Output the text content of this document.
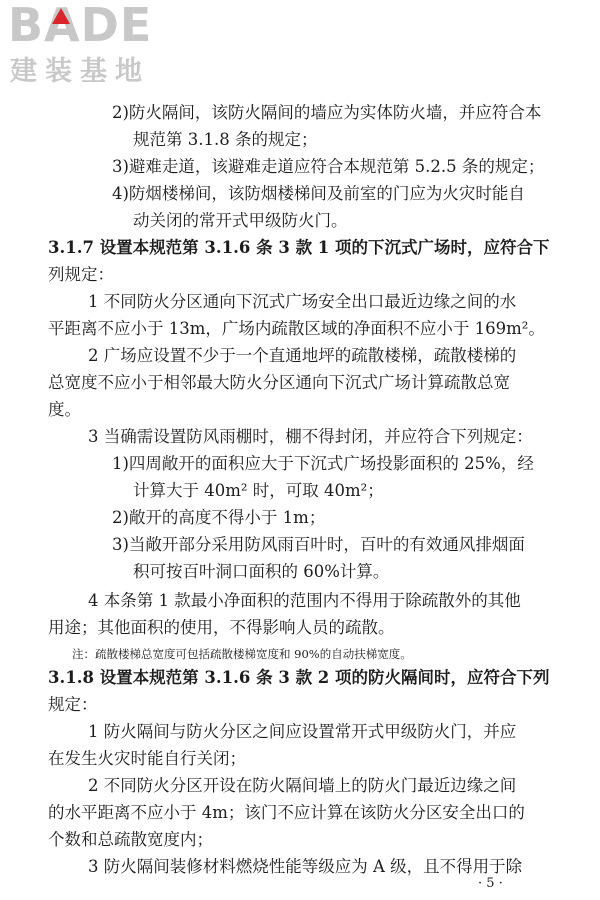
BADE
建装基地
2)防火隔间，该防火隔间的墙应为实体防火墙，并应符合本
规范第 3.1.8 条的规定；
3)避难走道，该避难走道应符合本规范第 5.2.5 条的规定；
4)防烟楼梯间，该防烟楼梯间及前室的门应为火灾时能自
动关闭的常开式甲级防火门。
3.1.7 设置本规范第 3.1.6 条 3 款 1 项的下沉式广场时，应符合下
列规定：
1 不同防火分区通向下沉式广场安全出口最近边缘之间的水
平距离不应小于 13m，广场内疏散区域的净面积不应小于 169m²。
2 广场应设置不少于一个直通地坪的疏散楼梯，疏散楼梯的
总宽度不应小于相邻最大防火分区通向下沉式广场计算疏散总宽
度。
3 当确需设置防风雨棚时，棚不得封闭，并应符合下列规定：
1)四周敞开的面积应大于下沉式广场投影面积的 25%，经
计算大于 40m² 时，可取 40m²；
2)敞开的高度不得小于 1m；
3)当敞开部分采用防风雨百叶时，百叶的有效通风排烟面
积可按百叶洞口面积的 60%计算。
4 本条第 1 款最小净面积的范围内不得用于除疏散外的其他
用途；其他面积的使用，不得影响人员的疏散。
注：疏散楼梯总宽度可包括疏散楼梯宽度和 90%的自动扶梯宽度。
3.1.8 设置本规范第 3.1.6 条 3 款 2 项的防火隔间时，应符合下列
规定：
1 防火隔间与防火分区之间应设置常开式甲级防火门，并应
在发生火灾时能自行关闭；
2 不同防火分区开设在防火隔间墙上的防火门最近边缘之间
的水平距离不应小于 4m；该门不应计算在该防火分区安全出口的
个数和总疏散宽度内；
3 防火隔间装修材料燃烧性能等级应为 A 级，且不得用于除
· 5 ·
